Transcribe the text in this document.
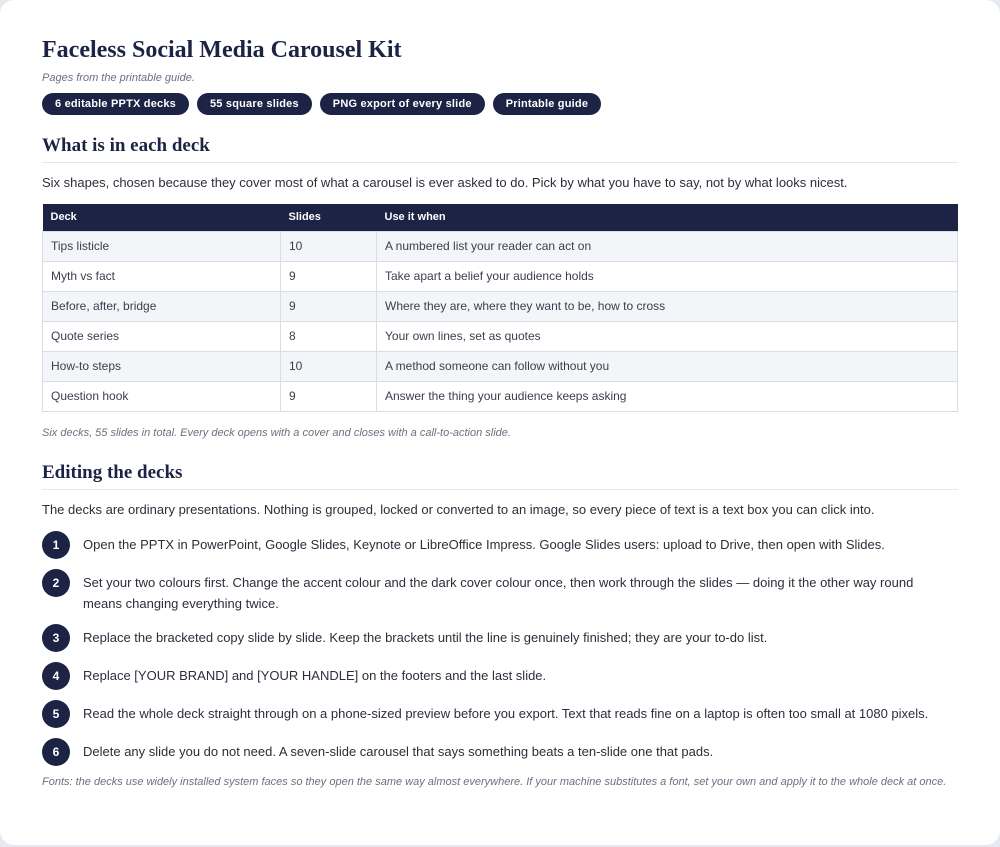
Faceless Social Media Carousel Kit
Pages from the printable guide.
6 editable PPTX decks	55 square slides	PNG export of every slide	Printable guide
What is in each deck

Six shapes, chosen because they cover most of what a carousel is ever asked to do. Pick by what you have to say, not by what looks nicest.

Deck	Slides	Use it when
Tips listicle	10	A numbered list your reader can act on
Myth vs fact	9	Take apart a belief your audience holds
Before, after, bridge	9	Where they are, where they want to be, how to cross
Quote series	8	Your own lines, set as quotes
How-to steps	10	A method someone can follow without you
Question hook	9	Answer the thing your audience keeps asking

Six decks, 55 slides in total. Every deck opens with a cover and closes with a call-to-action slide.

Editing the decks

The decks are ordinary presentations. Nothing is grouped, locked or converted to an image, so every piece of text is a text box you can click into.

1	Open the PPTX in PowerPoint, Google Slides, Keynote or LibreOffice Impress. Google Slides users: upload to Drive, then open with Slides.
2	Set your two colours first. Change the accent colour and the dark cover colour once, then work through the slides — doing it the other way round means changing everything twice.
3	Replace the bracketed copy slide by slide. Keep the brackets until the line is genuinely finished; they are your to-do list.
4	Replace [YOUR BRAND] and [YOUR HANDLE] on the footers and the last slide.
5	Read the whole deck straight through on a phone-sized preview before you export. Text that reads fine on a laptop is often too small at 1080 pixels.
6	Delete any slide you do not need. A seven-slide carousel that says something beats a ten-slide one that pads.

Fonts: the decks use widely installed system faces so they open the same way almost everywhere. If your machine substitutes a font, set your own and apply it to the whole deck at once.
